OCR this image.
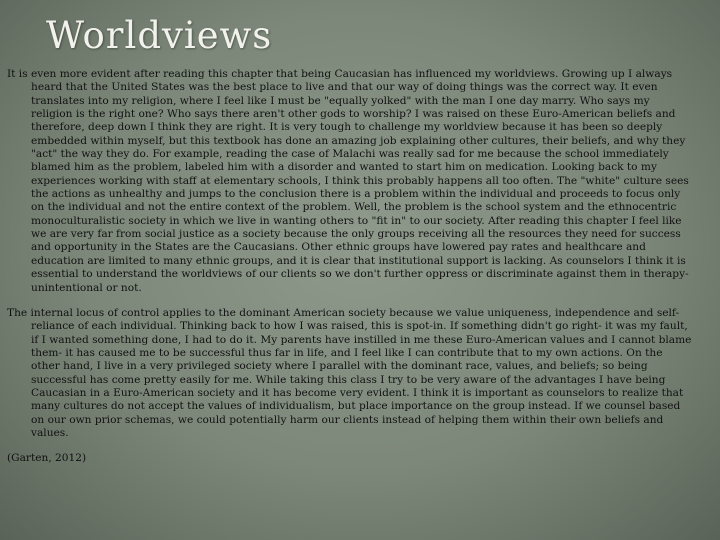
Worldviews

It is even more evident after reading this chapter that being Caucasian has influenced my worldviews. Growing up I always heard that the United States was the best place to live and that our way of doing things was the correct way. It even translates into my religion, where I feel like I must be "equally yolked" with the man I one day marry. Who says my religion is the right one? Who says there aren't other gods to worship? I was raised on these Euro-American beliefs and therefore, deep down I think they are right. It is very tough to challenge my worldview because it has been so deeply embedded within myself, but this textbook has done an amazing job explaining other cultures, their beliefs, and why they "act" the way they do. For example, reading the case of Malachi was really sad for me because the school immediately blamed him as the problem, labeled him with a disorder and wanted to start him on medication. Looking back to my experiences working with staff at elementary schools, I think this probably happens all too often. The "white" culture sees the actions as unhealthy and jumps to the conclusion there is a problem within the individual and proceeds to focus only on the individual and not the entire context of the problem. Well, the problem is the school system and the ethnocentric monoculturalistic society in which we live in wanting others to "fit in" to our society. After reading this chapter I feel like we are very far from social justice as a society because the only groups receiving all the resources they need for success and opportunity in the States are the Caucasians. Other ethnic groups have lowered pay rates and healthcare and education are limited to many ethnic groups, and it is clear that institutional support is lacking. As counselors I think it is essential to understand the worldviews of our clients so we don't further oppress or discriminate against them in therapy- unintentional or not.

The internal locus of control applies to the dominant American society because we value uniqueness, independence and self-reliance of each individual. Thinking back to how I was raised, this is spot-in. If something didn't go right- it was my fault, if I wanted something done, I had to do it. My parents have instilled in me these Euro-American values and I cannot blame them- it has caused me to be successful thus far in life, and I feel like I can contribute that to my own actions. On the other hand, I live in a very privileged society where I parallel with the dominant race, values, and beliefs; so being successful has come pretty easily for me. While taking this class I try to be very aware of the advantages I have being Caucasian in a Euro-American society and it has become very evident. I think it is important as counselors to realize that many cultures do not accept the values of individualism, but place importance on the group instead. If we counsel based on our own prior schemas, we could potentially harm our clients instead of helping them within their own beliefs and values.

(Garten, 2012)
